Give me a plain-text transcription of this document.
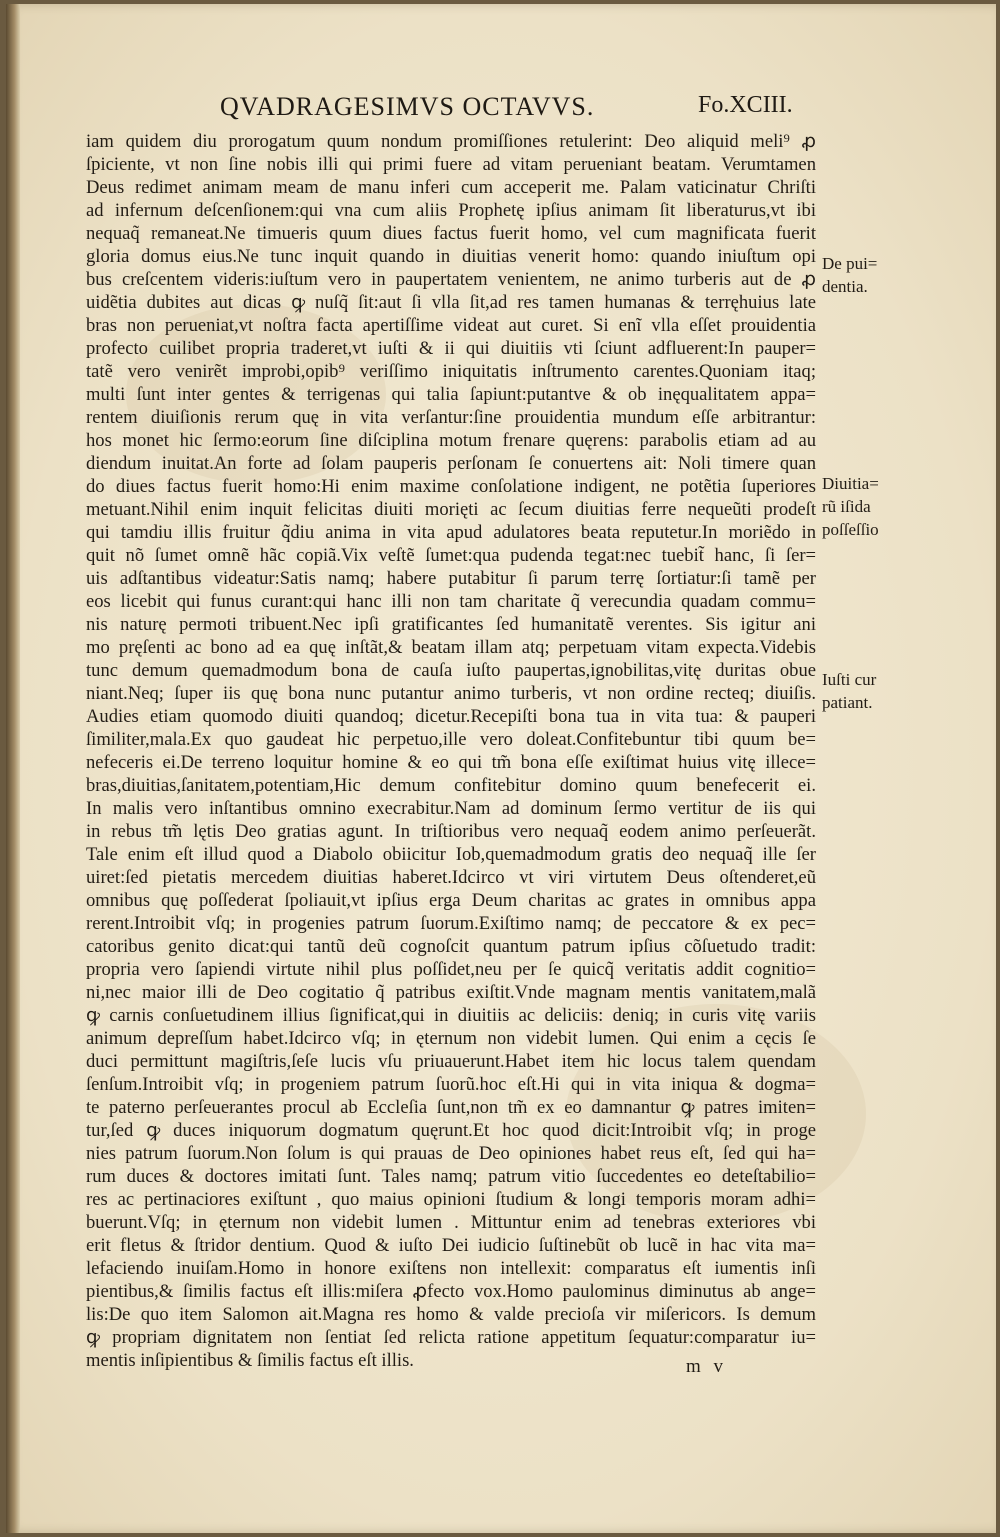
QVADRAGESIMVS OCTAVVS.	Fo.XCIII.
iam quidem diu prorogatum quum nondum promiſſiones retulerint: Deo aliquid meli⁹ ꝓ
ſpiciente, vt non ſine nobis illi qui primi fuere ad vitam perueniant beatam. Verumtamen
Deus redimet animam meam de manu inferi cum acceperit me. Palam vaticinatur Chriſti
ad infernum deſcenſionem:qui vna cum aliis Prophetę ipſius animam ſit liberaturus,vt ibi
nequaq̃ remaneat.Ne timueris quum diues factus fuerit homo, vel cum magnificata fuerit
gloria domus eius.Ne tunc inquit quando in diuitias venerit homo: quando iniuſtum opi
bus creſcentem videris:iuſtum vero in paupertatem venientem, ne animo turberis aut de ꝓ
uidẽtia dubites aut dicas ꝙ nuſq̃ ſit:aut ſi vlla ſit,ad res tamen humanas & terręhuius late
bras non perueniat,vt noſtra facta apertiſſime videat aut curet. Si enĩ vlla eſſet prouidentia
profecto cuilibet propria traderet,vt iuſti & ii qui diuitiis vti ſciunt adfluerent:In pauper=
tatẽ vero venirẽt improbi,opib⁹ veriſſimo iniquitatis inſtrumento carentes.Quoniam itaq;
multi ſunt inter gentes & terrigenas qui talia ſapiunt:putantve & ob inęqualitatem appa=
rentem diuiſionis rerum quę in vita verſantur:ſine prouidentia mundum eſſe arbitrantur:
hos monet hic ſermo:eorum ſine diſciplina motum frenare quęrens: parabolis etiam ad au
diendum inuitat.An forte ad ſolam pauperis perſonam ſe conuertens ait: Noli timere quan
do diues factus fuerit homo:Hi enim maxime conſolatione indigent, ne potẽtia ſuperiores
metuant.Nihil enim inquit felicitas diuiti morięti ac ſecum diuitias ferre nequeũti prodeſt
qui tamdiu illis fruitur q̃diu anima in vita apud adulatores beata reputetur.In moriẽdo in
quit nõ ſumet omnẽ hãc copiã.Vix veſtẽ ſumet:qua pudenda tegat:nec tuebit̃ hanc, ſi ſer=
uis adſtantibus videatur:Satis namq; habere putabitur ſi parum terrę ſortiatur:ſi tamẽ per
eos licebit qui funus curant:qui hanc illi non tam charitate q̃ verecundia quadam commu=
nis naturę permoti tribuent.Nec ipſi gratificantes ſed humanitatẽ verentes. Sis igitur ani
mo pręſenti ac bono ad ea quę inſtãt,& beatam illam atq; perpetuam vitam expecta.Videbis
tunc demum quemadmodum bona de cauſa iuſto paupertas,ignobilitas,vitę duritas obue
niant.Neq; ſuper iis quę bona nunc putantur animo turberis, vt non ordine recteq; diuiſis.
Audies etiam quomodo diuiti quandoq; dicetur.Recepiſti bona tua in vita tua: & pauperi
ſimiliter,mala.Ex quo gaudeat hic perpetuo,ille vero doleat.Confitebuntur tibi quum be=
nefeceris ei.De terreno loquitur homine & eo qui tm̃ bona eſſe exiſtimat huius vitę illece=
bras,diuitias,ſanitatem,potentiam,Hic demum confitebitur domino quum benefecerit ei.
In malis vero inſtantibus omnino execrabitur.Nam ad dominum ſermo vertitur de iis qui
in rebus tm̃ lętis Deo gratias agunt. In triſtioribus vero nequaq̃ eodem animo perſeuerãt.
Tale enim eſt illud quod a Diabolo obiicitur Iob,quemadmodum gratis deo nequaq̃ ille ſer
uiret:ſed pietatis mercedem diuitias haberet.Idcirco vt viri virtutem Deus oſtenderet,eũ
omnibus quę poſſederat ſpoliauit,vt ipſius erga Deum charitas ac grates in omnibus appa
rerent.Introibit vſq; in progenies patrum ſuorum.Exiſtimo namq; de peccatore & ex pec=
catoribus genito dicat:qui tantũ deũ cognoſcit quantum patrum ipſius cõſuetudo tradit:
propria vero ſapiendi virtute nihil plus poſſidet,neu per ſe quicq̃ veritatis addit cognitio=
ni,nec maior illi de Deo cogitatio q̃ patribus exiſtit.Vnde magnam mentis vanitatem,malã
ꝙ carnis conſuetudinem illius ſignificat,qui in diuitiis ac deliciis: deniq; in curis vitę variis
animum depreſſum habet.Idcirco vſq; in ęternum non videbit lumen. Qui enim a cęcis ſe
duci permittunt magiſtris,ſeſe lucis vſu priuauerunt.Habet item hic locus talem quendam
ſenſum.Introibit vſq; in progeniem patrum ſuorũ.hoc eſt.Hi qui in vita iniqua & dogma=
te paterno perſeuerantes procul ab Eccleſia ſunt,non tm̃ ex eo damnantur ꝙ patres imiten=
tur,ſed ꝙ duces iniquorum dogmatum quęrunt.Et hoc quod dicit:Introibit vſq; in proge
nies patrum ſuorum.Non ſolum is qui prauas de Deo opiniones habet reus eſt, ſed qui ha=
rum duces & doctores imitati ſunt. Tales namq; patrum vitio ſuccedentes eo deteſtabilio=
res ac pertinaciores exiſtunt , quo maius opinioni ſtudium & longi temporis moram adhi=
buerunt.Vſq; in ęternum non videbit lumen . Mittuntur enim ad tenebras exteriores vbi
erit fletus & ſtridor dentium. Quod & iuſto Dei iudicio ſuſtinebũt ob lucẽ in hac vita ma=
lefaciendo inuiſam.Homo in honore exiſtens non intellexit: comparatus eſt iumentis inſi
pientibus,& ſimilis factus eſt illis:miſera ꝓfecto vox.Homo paulominus diminutus ab ange=
lis:De quo item Salomon ait.Magna res homo & valde precioſa vir miſericors. Is demum
ꝙ propriam dignitatem non ſentiat ſed relicta ratione appetitum ſequatur:comparatur iu=
mentis inſipientibus & ſimilis factus eſt illis.
De pui=
dentia.
Diuitia=
rũ iſida
poſſeſſio
Iuſti cur
patiant.
m v
